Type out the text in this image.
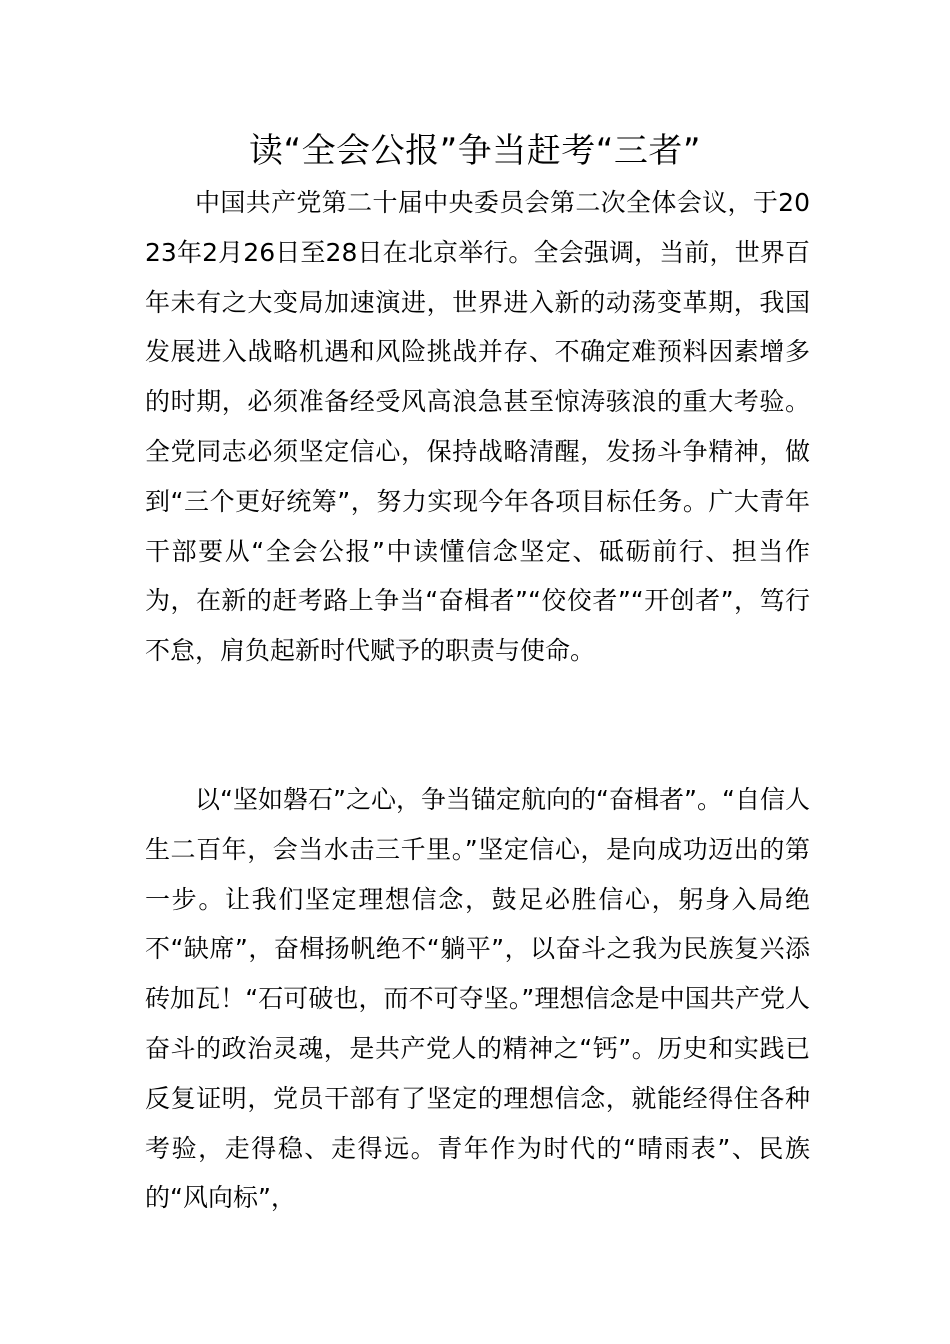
读“全会公报”争当赶考“三者”
中国共产党第二十届中央委员会第二次全体会议，于2023年2月26日至28日在北京举行。全会强调，当前，世界百年未有之大变局加速演进，世界进入新的动荡变革期，我国发展进入战略机遇和风险挑战并存、不确定难预料因素增多的时期，必须准备经受风高浪急甚至惊涛骇浪的重大考验。全党同志必须坚定信心，保持战略清醒，发扬斗争精神，做到“三个更好统筹”，努力实现今年各项目标任务。广大青年干部要从“全会公报”中读懂信念坚定、砥砺前行、担当作为，在新的赶考路上争当“奋楫者”“佼佼者”“开创者”，笃行不怠，肩负起新时代赋予的职责与使命。
以“坚如磐石”之心，争当锚定航向的“奋楫者”。“自信人生二百年，会当水击三千里。”坚定信心，是向成功迈出的第一步。让我们坚定理想信念，鼓足必胜信心，躬身入局绝不“缺席”，奋楫扬帆绝不“躺平”，以奋斗之我为民族复兴添砖加瓦！“石可破也，而不可夺坚。”理想信念是中国共产党人奋斗的政治灵魂，是共产党人的精神之“钙”。历史和实践已反复证明，党员干部有了坚定的理想信念，就能经得住各种考验，走得稳、走得远。青年作为时代的“晴雨表”、民族的“风向标”，
